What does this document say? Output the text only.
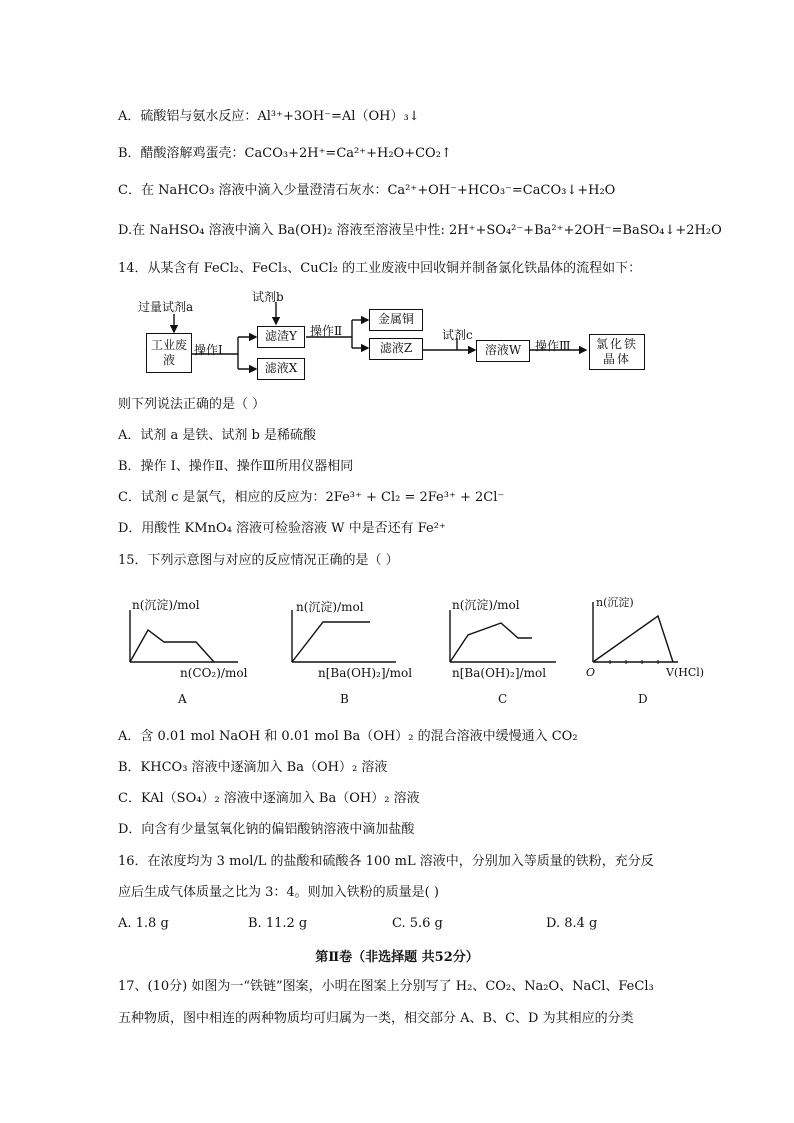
A．硫酸铝与氨水反应：Al³⁺+3OH⁻=Al（OH）₃↓
B．醋酸溶解鸡蛋壳：CaCO₃+2H⁺=Ca²⁺+H₂O+CO₂↑
C．在 NaHCO₃ 溶液中滴入少量澄清石灰水：Ca²⁺+OH⁻+HCO₃⁻=CaCO₃↓+H₂O
D.在 NaHSO₄ 溶液中滴入 Ba(OH)₂ 溶液至溶液呈中性: 2H⁺+SO₄²⁻+Ba²⁺+2OH⁻=BaSO₄↓+2H₂O
14．从某含有 FeCl₂、FeCl₃、CuCl₂ 的工业废液中回收铜并制备氯化铁晶体的流程如下：
过量试剂a
试剂b
试剂c
操作Ⅰ
操作Ⅱ
操作Ⅲ
工业废液
滤渣Y
滤液X
金属铜
滤液Z	溶液W	氯化铁晶体
则下列说法正确的是（ ）
A．试剂 a 是铁、试剂 b 是稀硫酸
B．操作 I、操作Ⅱ、操作Ⅲ所用仪器相同
C．试剂 c 是氯气，相应的反应为：2Fe³⁺ + Cl₂ = 2Fe³⁺ + 2Cl⁻
D．用酸性 KMnO₄ 溶液可检验溶液 W 中是否还有 Fe²⁺
15．下列示意图与对应的反应情况正确的是（ ）
n(沉淀)/mol
n(CO₂)/mol
A
n(沉淀)/mol
n[Ba(OH)₂]/mol
B
n(沉淀)/mol
n[Ba(OH)₂]/mol
C
n(沉淀)
O	V(HCl)
D
A．含 0.01 mol NaOH 和 0.01 mol Ba（OH）₂ 的混合溶液中缓慢通入 CO₂
B．KHCO₃ 溶液中逐滴加入 Ba（OH）₂ 溶液
C．KAl（SO₄）₂ 溶液中逐滴加入 Ba（OH）₂ 溶液
D．向含有少量氢氧化钠的偏铝酸钠溶液中滴加盐酸
16．在浓度均为 3 mol/L 的盐酸和硫酸各 100 mL 溶液中，分别加入等质量的铁粉，充分反
应后生成气体质量之比为 3：4。则加入铁粉的质量是( )
A. 1.8 g	B. 11.2 g	C. 5.6 g	D. 8.4 g
第Ⅱ卷（非选择题 共52分）
17、(10分) 如图为一“铁链”图案，小明在图案上分别写了 H₂、CO₂、Na₂O、NaCl、FeCl₃
五种物质，图中相连的两种物质均可归属为一类，相交部分 A、B、C、D 为其相应的分类
